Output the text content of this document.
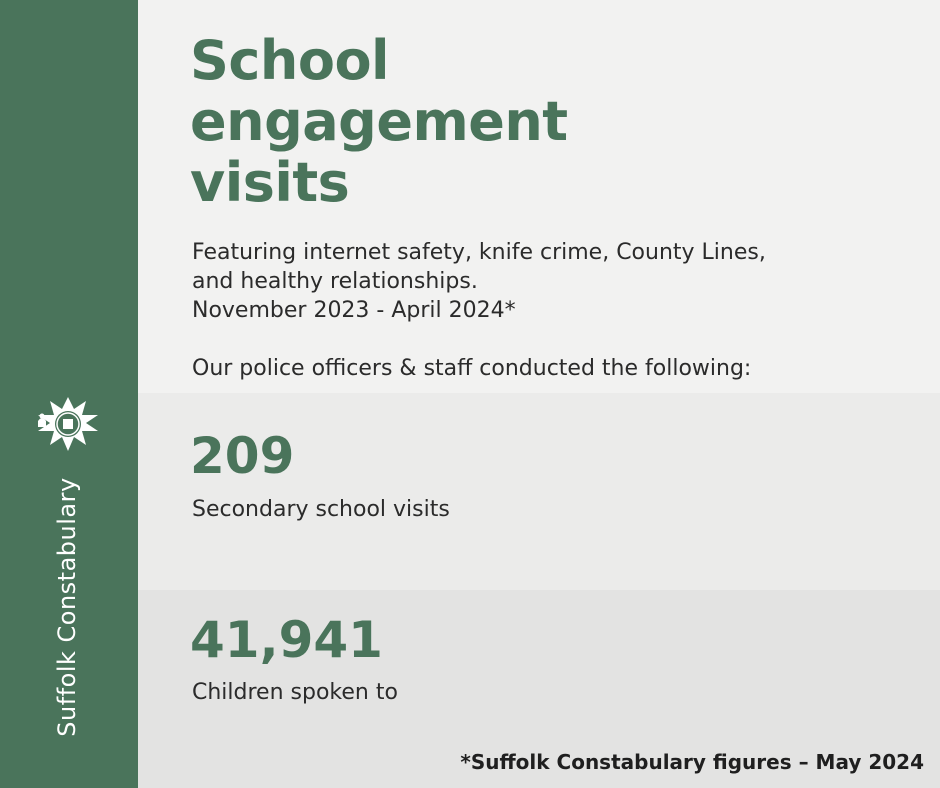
Suffolk Constabulary
School
engagement
visits
Featuring internet safety, knife crime, County Lines,
and healthy relationships.
November 2023 - April 2024*
Our police officers & staff conducted the following:
209
Secondary school visits
41,941
Children spoken to
*Suffolk Constabulary figures – May 2024
